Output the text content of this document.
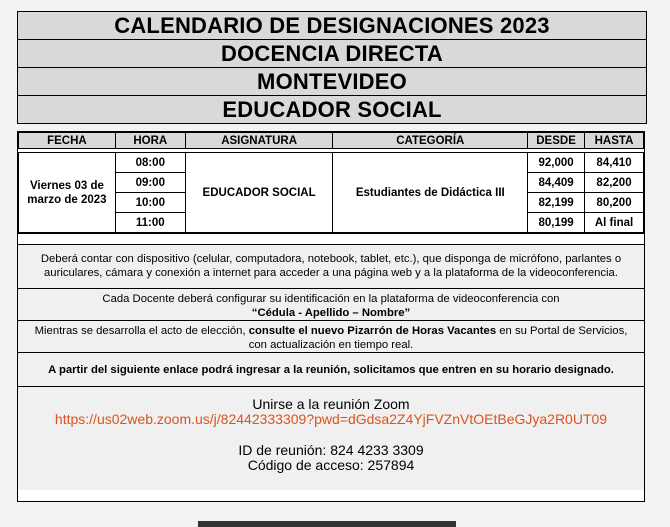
CALENDARIO DE DESIGNACIONES 2023
DOCENCIA DIRECTA
MONTEVIDEO
EDUCADOR SOCIAL
FECHA	HORA	ASIGNATURA	CATEGORÍA	DESDE	HASTA

Viernes 03 de marzo de 2023	08:00	EDUCADOR SOCIAL	Estudiantes de Didáctica III	92,000	84,410
	09:00			84,409	82,200
	10:00			82,199	80,200
	11:00			80,199	Al final
Deberá contar con dispositivo (celular, computadora, notebook, tablet, etc.), que disponga de micrófono, parlantes o auriculares, cámara y conexión a internet para acceder a una página web y a la plataforma de la videoconferencia.
Cada Docente deberá configurar su identificación en la plataforma de videoconferencia con
“Cédula - Apellido – Nombre”
Mientras se desarrolla el acto de elección, consulte el nuevo Pizarrón de Horas Vacantes en su Portal de Servicios, con actualización en tiempo real.
A partir del siguiente enlace podrá ingresar a la reunión, solicitamos que entren en su horario designado.
Unirse a la reunión Zoom
https://us02web.zoom.us/j/82442333309?pwd=dGdsa2Z4YjFVZnVtOEtBeGJya2R0UT09
ID de reunión: 824 4233 3309
Código de acceso: 257894
